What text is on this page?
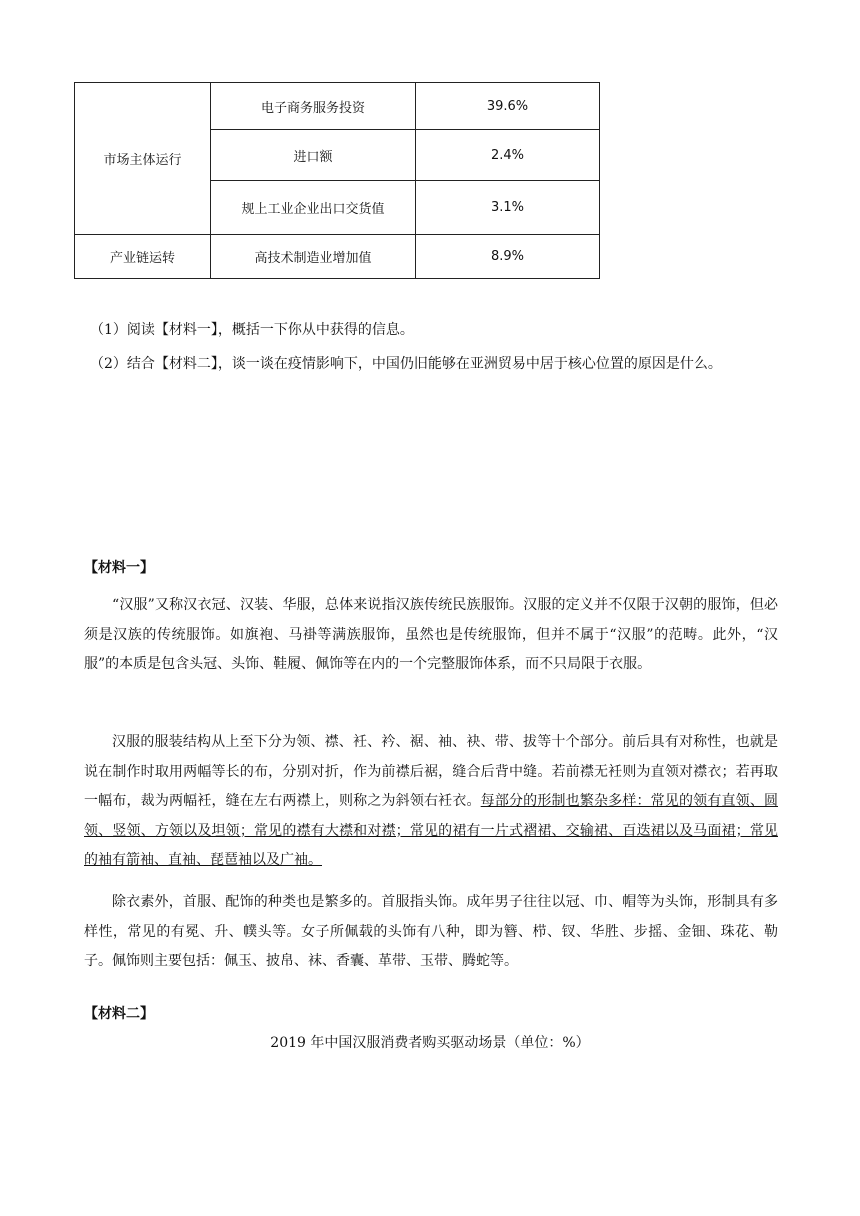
市场主体运行	电子商务服务投资	39.6%
	进口额	2.4%
	规上工业企业出口交货值	3.1%
产业链运转	高技术制造业增加值	8.9%
（1）阅读【材料一】，概括一下你从中获得的信息。
（2）结合【材料二】，谈一谈在疫情影响下，中国仍旧能够在亚洲贸易中居于核心位置的原因是什么。
【材料一】

“汉服”又称汉衣冠、汉装、华服，总体来说指汉族传统民族服饰。汉服的定义并不仅限于汉朝的服饰，但必须是汉族的传统服饰。如旗袍、马褂等满族服饰，虽然也是传统服饰，但并不属于“汉服”的范畴。此外，“汉服”的本质是包含头冠、头饰、鞋履、佩饰等在内的一个完整服饰体系，而不只局限于衣服。

汉服的服装结构从上至下分为领、襟、衽、衿、裾、袖、袂、带、拔等十个部分。前后具有对称性，也就是说在制作时取用两幅等长的布，分别对折，作为前襟后裾，缝合后背中缝。若前襟无衽则为直领对襟衣；若再取一幅布，裁为两幅衽，缝在左右两襟上，则称之为斜领右衽衣。每部分的形制也繁杂多样：常见的领有直领、圆领、竖领、方领以及坦领；常见的襟有大襟和对襟；常见的裙有一片式褶裙、交输裙、百迭裙以及马面裙；常见的袖有箭袖、直袖、琵琶袖以及广袖。

除衣素外，首服、配饰的种类也是繁多的。首服指头饰。成年男子往往以冠、巾、帽等为头饰，形制具有多样性，常见的有冕、升、幞头等。女子所佩载的头饰有八种，即为簪、栉、钗、华胜、步摇、金钿、珠花、勒子。佩饰则主要包括：佩玉、披帛、袜、香囊、革带、玉带、腾蛇等。

【材料二】
2019 年中国汉服消费者购买驱动场景（单位：%）
